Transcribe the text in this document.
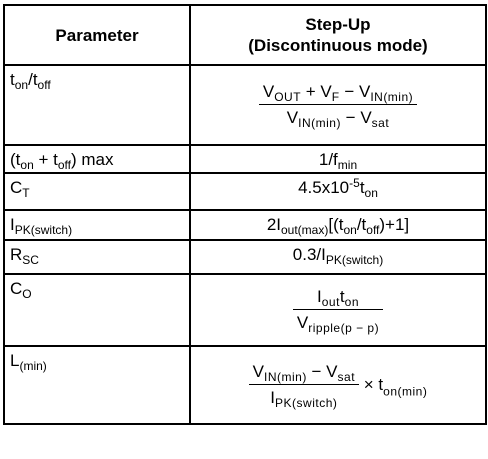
Parameter	Step-Up
(Discontinuous mode)
$t_{on}/t_{off}$	$\frac{V_{OUT} + V_F - V_{IN(min)}}{V_{IN(min)} - V_{sat}}$

$(t_{on} + t_{off})$ max	$1/f_{min}$
$C_T$	$4.5x10^{-5}t_{on}$
$I_{PK(switch)}$	$2I_{out(max)}[(t_{on}/t_{off})+1]$
$R_{SC}$	$0.3/I_{PK(switch)}$
$C_O$	$\frac{I_{out}t_{on}}{V_{ripple(p - p)}}$

$L_{(min)}$	$\frac{V_{IN(min)} - V_{sat}}{I_{PK(switch)}} \times t_{on(min)}$
